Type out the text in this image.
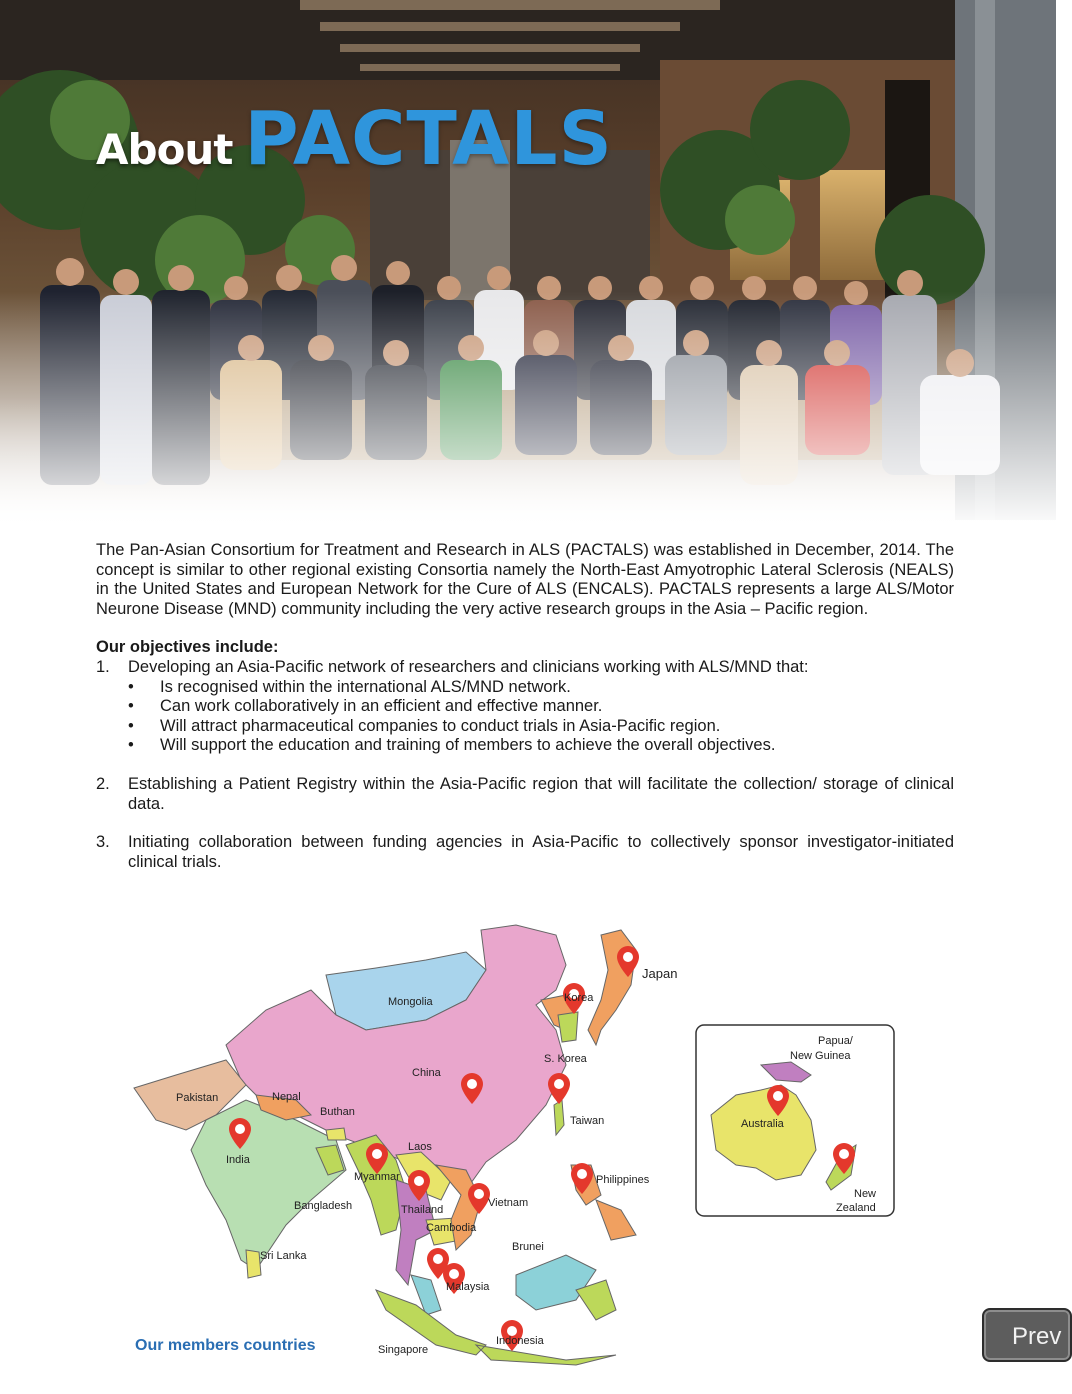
About PACTALS

The Pan-Asian Consortium for Treatment and Research in ALS (PACTALS) was established in December, 2014. The concept is similar to other regional existing Consortia namely the North-East Amyotrophic Lateral Sclerosis (NEALS) in the United States and European Network for the Cure of ALS (ENCALS). PACTALS represents a large ALS/Motor Neurone Disease (MND) community including the very active research groups in the Asia – Pacific region.

Our objectives include:
1. Developing an Asia-Pacific network of researchers and clinicians working with ALS/MND that:
• Is recognised within the international ALS/MND network.
• Can work collaboratively in an efficient and effective manner.
• Will attract pharmaceutical companies to conduct trials in Asia-Pacific region.
• Will support the education and training of members to achieve the overall objectives.
2. Establishing a Patient Registry within the Asia-Pacific region that will facilitate the collection/ storage of clinical data.
3. Initiating collaboration between funding agencies in Asia-Pacific to collectively sponsor investigator-initiated clinical trials.
Japan
Korea
S. Korea
Mongolia
China
Taiwan
Pakistan	Nepal
Buthan
India
Laos
Myanmar
Bangladesh	Thailand
Vietnam
Cambodia
Philippines
Sri Lanka
Brunei
Malaysia
Singapore
Indonesia
Papua/
New Guinea
Australia
New
Zealand
Our members countries	Prev
